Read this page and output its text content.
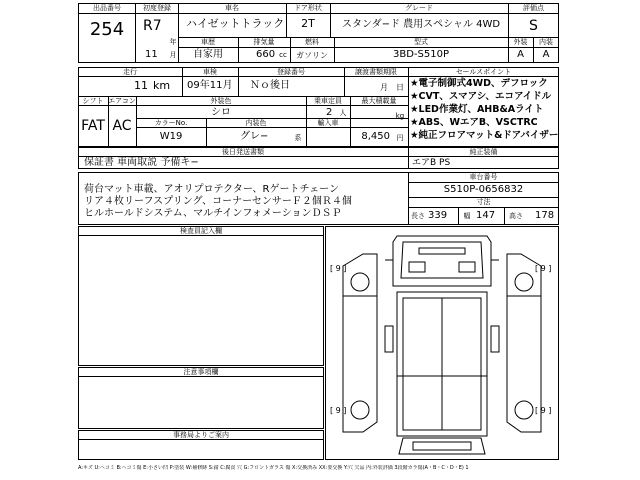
出品番号
254
初度登録
R7
年
11 月
車名
ハイゼットトラック
ドア形状
2T
グレード
スタンダ−ド 農用スペシャル 4WD
評価点
S
車歴
自家用
排気量
660 cc
燃料
ガソリン
型式
3BD-S510P
外装
A
内装
A
走行
11 km
車検
09年11月
登録番号
Ｎｏ後日
譲渡書類期限
月　日
セールスポイント
★電子制御式4WD、デフロック
★CVT、スマアシ、エコアイドル
★LED作業灯、AHB&Aライト
★ABS、WエアB、VSCTRC
★純正フロアマット&ドアバイザー
シフト
FAT
エアコン
AC
外装色
シロ
乗車定員
2 人
最大積載量
kg
カラーNo.
W19
内装色
グレ−	系
輸入車
8,450 円
後日発送書類
保証書 車両取説 予備キ−
純正装備
エアB PS
荷台マット車載、アオリプロテクター、Rゲートチェーン
リア４枚リーフスプリング、コーナーセンサーＦ２個Ｒ４個
ヒルホールドシステム、マルチインフォメーションＤＳＰ
車台番号
S510P-0656832
寸法
長さ 339 幅 147 高さ 178
検査員記入欄
注意事項欄
事務局よりご案内
[ 9 ]	[ 9 ]
[ 9 ]	[ 9 ]
A:キズ U:ヘコミ B:ヘコミ傷 E:小さい凹 P:塗装 W:補修跡 S:錆 C:腐食 穴 G:フロントガラス 傷 X:交換済み XX:要交換 Y:穴 欠品 内:外装評価 3段階カラ傷(A・B・C・D・E) 1
